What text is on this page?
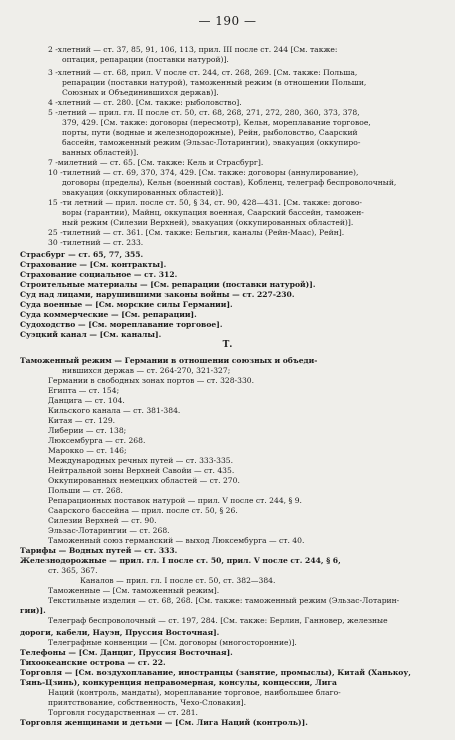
— 190 —
2 -хлетний — ст. 37, 85, 91, 106, 113, прил. III после ст. 244 [См. также:
оптация, репарации (поставки натурой)].
3 -хлетний — ст. 68, прил. V после ст. 244, ст. 268, 269. [См. также: Польша,
репарации (поставки натурой), таможенный режим (в отношении Польши,
Союзных и Объединившихся держав)].
4 -хлетний — ст. 280. [См. также: рыболовство].
5 -летний — прил. гл. II после ст. 50, ст. 68, 268, 271, 272, 280, 360, 373, 378,
379, 429. [См. также: договоры (пересмотр), Кельн, мореплавание торговое,
порты, пути (водные и железнодорожные), Рейн, рыболовство, Саарский
бассейн, таможенный режим (Эльзас-Лотарингии), эвакуация (оккупиро-
ванных областей)].
7 -милетний — ст. 65. [См. также: Кель и Страсбург].
10 -тилетний — ст. 69, 370, 374, 429. [См. также: договоры (аннулирование),
договоры (пределы), Кельн (военный состав), Кобленц, телеграф беспроволочный,
эвакуация (оккупированных областей)].
15 -ти летний — прил. после ст. 50, § 34, ст. 90, 428—431. [См. также: догово-
воры (гарантии), Майнц, оккупация военная, Саарский бассейн, таможен-
ный режим (Силезии Верхней), эвакуация (оккупированных областей)].
25 -тилетний — ст. 361. [См. также: Бельгия, каналы (Рейн-Маас), Рейн].
30 -тилетний — ст. 233.
Страсбург — ст. 65, 77, 355.
Страхование — [См. контракты].
Страхование социальное — ст. 312.
Строительные материалы — [См. репарации (поставки натурой)].
Суд над лицами, нарушившими законы войны — ст. 227-230.
Суда военные — [См. морские силы Германии].
Суда коммерческие — [См. репарации].
Судоходство — [См. мореплавание торговое].
Суэцкий канал — [См. каналы].
Т.
Таможенный режим — Германии в отношении союзных и объеди-
нившихся держав — ст. 264-270, 321-327;
Германии в свободных зонах портов — ст. 328-330.
Египта — ст. 154;
Данцига — ст. 104.
Кильского канала — ст. 381-384.
Китая — ст. 129.
Либерии — ст. 138;
Люксембурга — ст. 268.
Марокко — ст. 146;
Международных речных путей — ст. 333-335.
Нейтральной зоны Верхней Савойи — ст. 435.
Оккупированных немецких областей — ст. 270.
Польши — ст. 268.
Репарационных поставок натурой — прил. V после ст. 244, § 9.
Саарского бассейна — прил. после ст. 50, § 26.
Силезии Верхней — ст. 90.
Эльзас-Лотарингии — ст. 268.
Таможенный союз германский — выход Люксембурга — ст. 40.
Тарифы — Водных путей — ст. 333.
Железнодорожные — прил. гл. I после ст. 50, прил. V после ст. 244, § 6,
ст. 365, 367.
Каналов — прил. гл. I после ст. 50, ст. 382—384.
Таможенные — [См. таможенный режим].
Текстильные изделия — ст. 68, 268. [См. также: таможенный режим (Эльзас-Лотарин-
гии)].
Телеграф беспроволочный — ст. 197, 284. [См. также: Берлин, Ганновер, железные
дороги, кабели, Науэн, Пруссия Восточная].
Телеграфные конвенции — [См. договоры (многосторонние)].
Телефоны — [См. Данциг, Пруссия Восточная].
Тихоокеанские острова — ст. 22.
Торговля — [См. воздухоплавание, иностранцы (занятие, промыслы), Китай (Ханькоу,
Тянь-Цзинь), конкуренция неправомерная, консулы, концессии, Лига
Наций (контроль, мандаты), мореплавание торговое, наибольшее благо-
приятствование, собственность, Чехо-Словакия].
Торговля государственная — ст. 281.
Торговля женщинами и детьми — [См. Лига Наций (контроль)].
